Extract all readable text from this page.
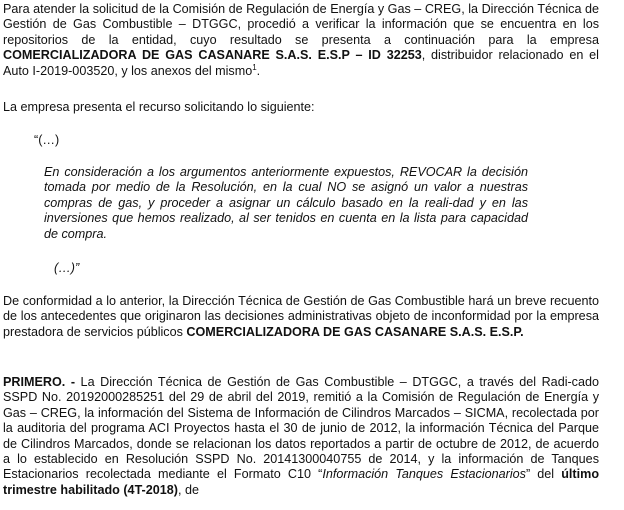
Para atender la solicitud de la Comisión de Regulación de Energía y Gas – CREG, la Dirección Técnica de Gestión de Gas Combustible – DTGGC, procedió a verificar la información que se encuentra en los repositorios de la entidad, cuyo resultado se presenta a continuación para la empresa COMERCIALIZADORA DE GAS CASANARE S.A.S. E.S.P – ID 32253, distribuidor relacionado en el Auto I-2019-003520, y los anexos del mismo$^1$.

La empresa presenta el recurso solicitando lo siguiente:

“(…)

En consideración a los argumentos anteriormente expuestos, REVOCAR la decisión tomada por medio de la Resolución, en la cual NO se asignó un valor a nuestras compras de gas, y proceder a asignar un cálculo basado en la reali-dad y en las inversiones que hemos realizado, al ser tenidos en cuenta en la lista para capacidad de compra.

(…)”

De conformidad a lo anterior, la Dirección Técnica de Gestión de Gas Combustible hará un breve recuento de los antecedentes que originaron las decisiones administrativas objeto de inconformidad por la empresa prestadora de servicios públicos COMERCIALIZADORA DE GAS CASANARE S.A.S. E.S.P.

PRIMERO. - La Dirección Técnica de Gestión de Gas Combustible – DTGGC, a través del Radi-cado SSPD No. 20192000285251 del 29 de abril del 2019, remitió a la Comisión de Regulación de Energía y Gas – CREG, la información del Sistema de Información de Cilindros Marcados – SICMA, recolectada por la auditoria del programa ACI Proyectos hasta el 30 de junio de 2012, la información Técnica del Parque de Cilindros Marcados, donde se relacionan los datos reportados a partir de octubre de 2012, de acuerdo a lo establecido en Resolución SSPD No. 20141300040755 de 2014, y la información de Tanques Estacionarios recolectada mediante el Formato C10 “Información Tanques Estacionarios” del último trimestre habilitado (4T-2018), de
